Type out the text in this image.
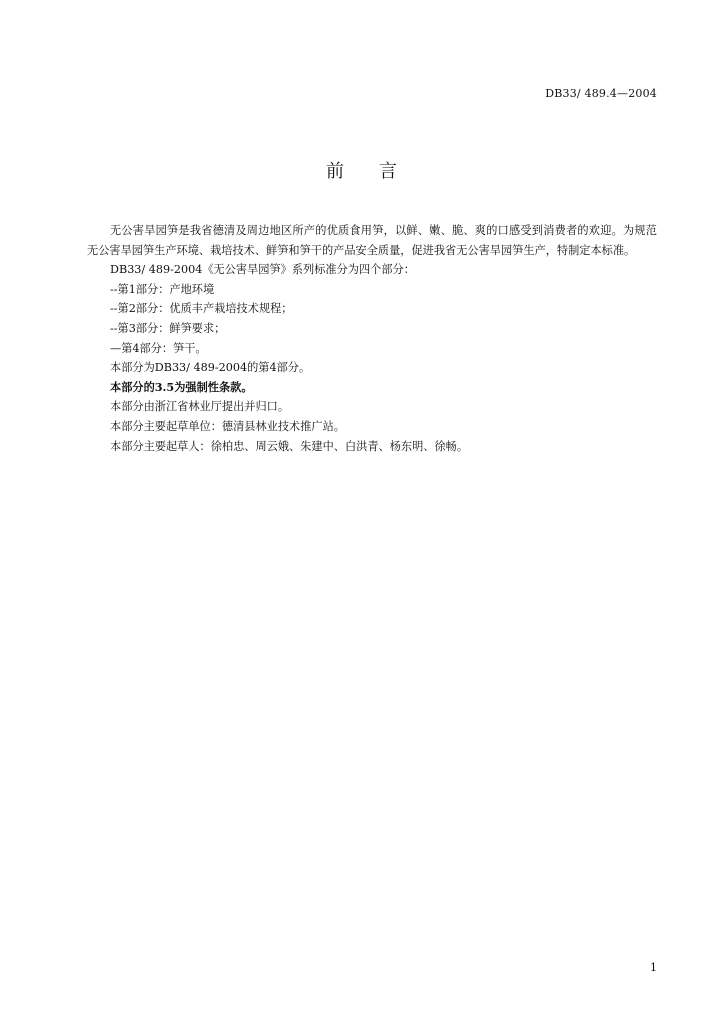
DB33/ 489.4—2004
前 言

无公害旱园笋是我省德清及周边地区所产的优质食用笋，以鲜、嫩、脆、爽的口感受到消费者的欢迎。为规范无公害旱园笋生产环境、栽培技术、鲜笋和笋干的产品安全质量，促进我省无公害旱园笋生产，特制定本标准。

DB33/ 489-2004《无公害旱园笋》系列标准分为四个部分：

--第1部分：产地环境

--第2部分：优质丰产栽培技术规程；

--第3部分：鲜笋要求；

—第4部分：笋干。

本部分为DB33/ 489-2004的第4部分。

本部分的3.5为强制性条款。

本部分由浙江省林业厅提出并归口。

本部分主要起草单位：德清县林业技术推广站。

本部分主要起草人：徐柏忠、周云娥、朱建中、白洪青、杨东明、徐畅。

1
